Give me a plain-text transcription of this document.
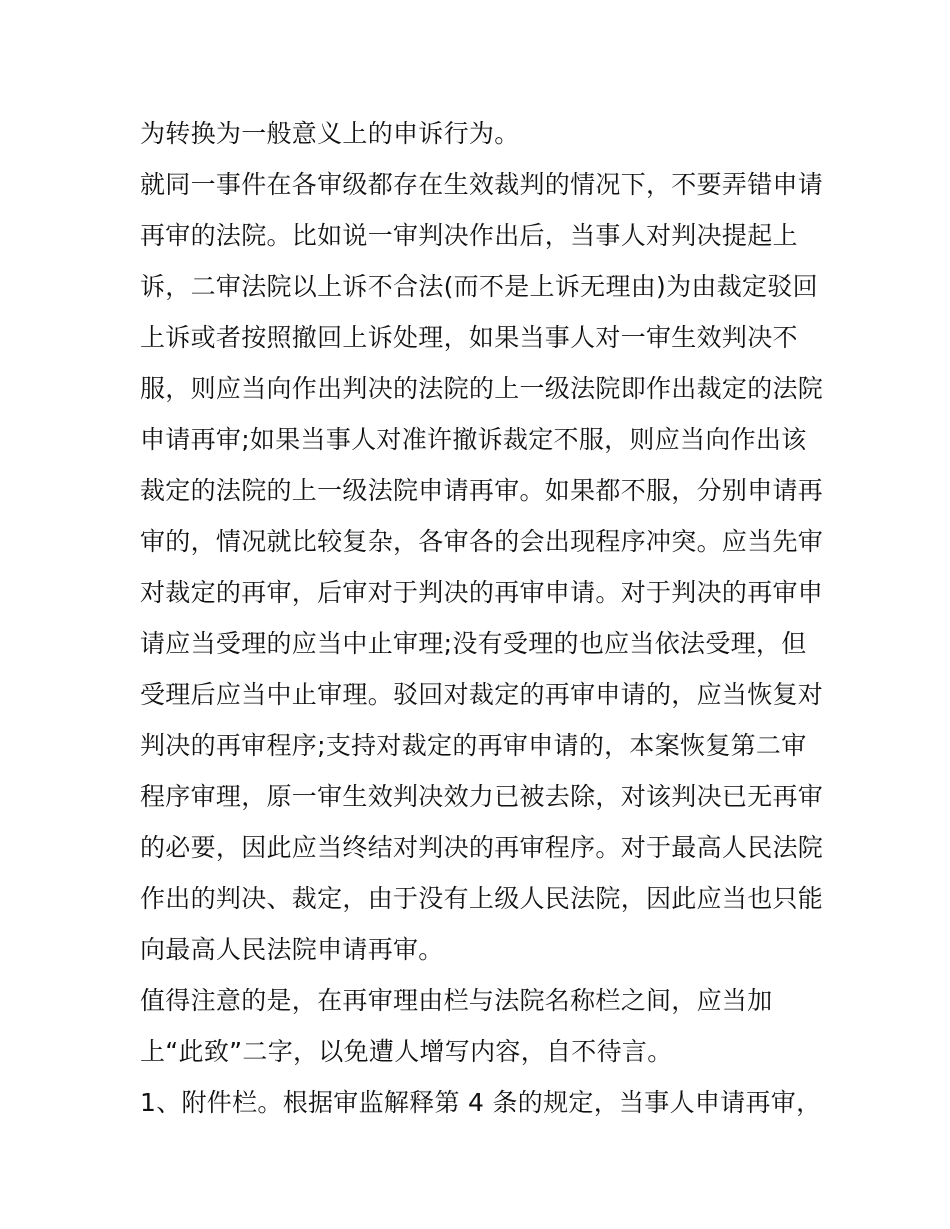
为转换为一般意义上的申诉行为。
就同一事件在各审级都存在生效裁判的情况下，不要弄错申请
再审的法院。比如说一审判决作出后，当事人对判决提起上
诉，二审法院以上诉不合法(而不是上诉无理由)为由裁定驳回
上诉或者按照撤回上诉处理，如果当事人对一审生效判决不
服，则应当向作出判决的法院的上一级法院即作出裁定的法院
申请再审;如果当事人对准许撤诉裁定不服，则应当向作出该
裁定的法院的上一级法院申请再审。如果都不服，分别申请再
审的，情况就比较复杂，各审各的会出现程序冲突。应当先审
对裁定的再审，后审对于判决的再审申请。对于判决的再审申
请应当受理的应当中止审理;没有受理的也应当依法受理，但
受理后应当中止审理。驳回对裁定的再审申请的，应当恢复对
判决的再审程序;支持对裁定的再审申请的，本案恢复第二审
程序审理，原一审生效判决效力已被去除，对该判决已无再审
的必要，因此应当终结对判决的再审程序。对于最高人民法院
作出的判决、裁定，由于没有上级人民法院，因此应当也只能
向最高人民法院申请再审。
值得注意的是，在再审理由栏与法院名称栏之间，应当加
上“此致”二字，以免遭人增写内容，自不待言。
1、附件栏。根据审监解释第 4 条的规定，当事人申请再审，
